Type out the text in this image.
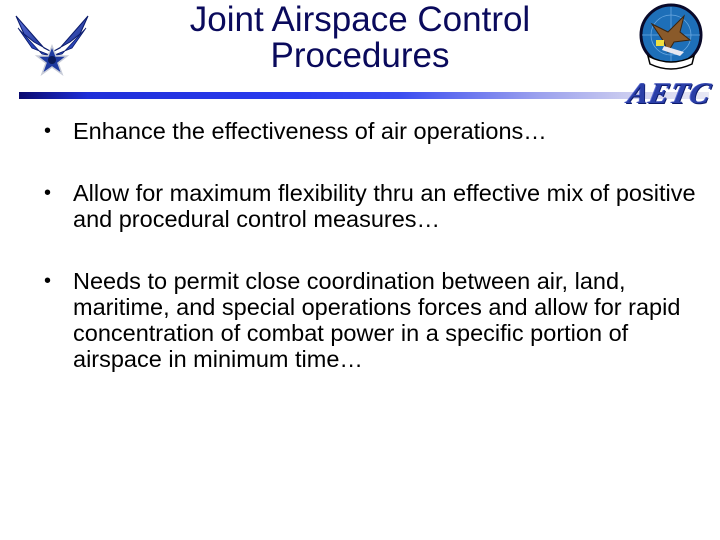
Joint Airspace Control
Procedures
AETC
• Enhance the effectiveness of air operations…
• Allow for maximum flexibility thru an effective mix of positive and procedural control measures…
• Needs to permit close coordination between air, land, maritime, and special operations forces and allow for rapid concentration of combat power in a specific portion of airspace in minimum time…
